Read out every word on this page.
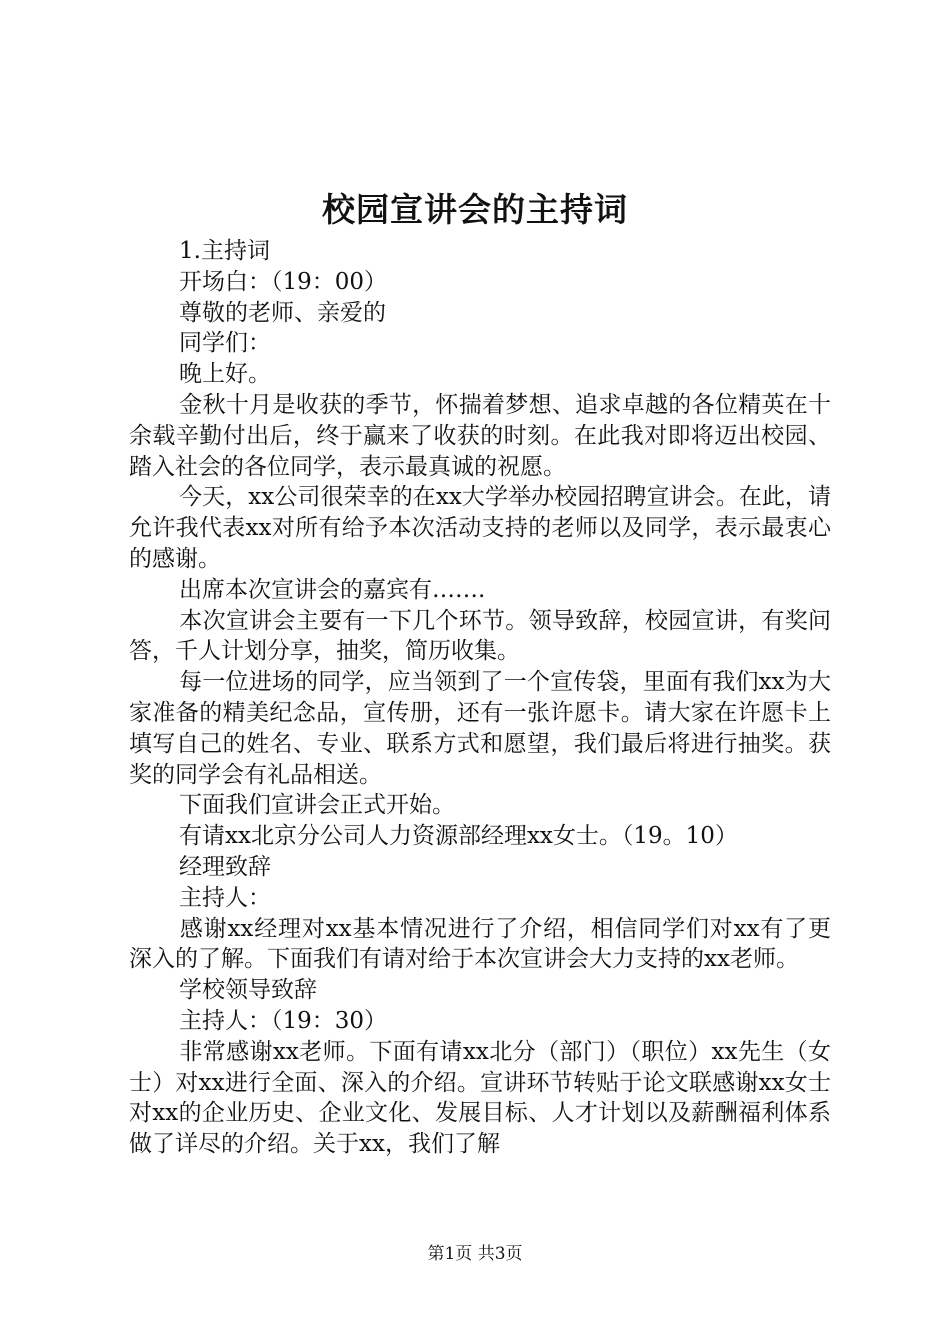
校园宣讲会的主持词

1.主持词

开场白：（19：00）

尊敬的老师、亲爱的

同学们：

晚上好。

金秋十月是收获的季节，怀揣着梦想、追求卓越的各位精英在十余载辛勤付出后，终于赢来了收获的时刻。在此我对即将迈出校园、踏入社会的各位同学，表示最真诚的祝愿。

今天，xx公司很荣幸的在xx大学举办校园招聘宣讲会。在此，请允许我代表xx对所有给予本次活动支持的老师以及同学，表示最衷心的感谢。

出席本次宣讲会的嘉宾有…….

本次宣讲会主要有一下几个环节。领导致辞，校园宣讲，有奖问答，千人计划分享，抽奖，简历收集。

每一位进场的同学，应当领到了一个宣传袋，里面有我们xx为大家准备的精美纪念品，宣传册，还有一张许愿卡。请大家在许愿卡上填写自己的姓名、专业、联系方式和愿望，我们最后将进行抽奖。获奖的同学会有礼品相送。

下面我们宣讲会正式开始。

有请xx北京分公司人力资源部经理xx女士。（19。10）

经理致辞

主持人：

感谢xx经理对xx基本情况进行了介绍，相信同学们对xx有了更深入的了解。下面我们有请对给于本次宣讲会大力支持的xx老师。

学校领导致辞

主持人：（19：30）

非常感谢xx老师。下面有请xx北分（部门）（职位）xx先生（女士）对xx进行全面、深入的介绍。宣讲环节转贴于论文联感谢xx女士对xx的企业历史、企业文化、发展目标、人才计划以及薪酬福利体系做了详尽的介绍。关于xx，我们了解

第1页 共3页
